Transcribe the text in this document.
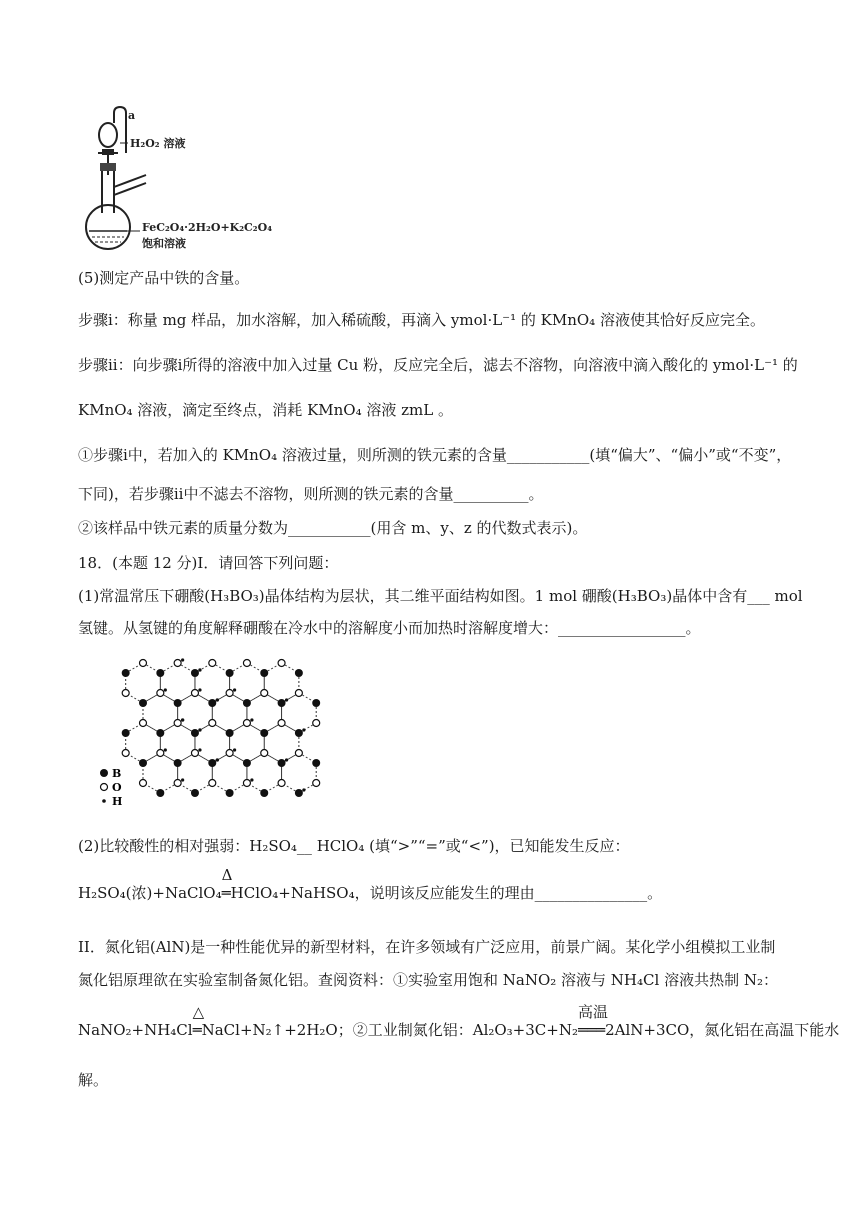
a
H₂O₂ 溶液
FeC₂O₄·2H₂O+K₂C₂O₄
饱和溶液
(5)测定产品中铁的含量。
步骤i：称量 mg 样品，加水溶解，加入稀硫酸，再滴入 ymol·L⁻¹ 的 KMnO₄ 溶液使其恰好反应完全。
步骤ii：向步骤i所得的溶液中加入过量 Cu 粉，反应完全后，滤去不溶物，向溶液中滴入酸化的 ymol·L⁻¹ 的
KMnO₄ 溶液，滴定至终点，消耗 KMnO₄ 溶液 zmL 。
①步骤i中，若加入的 KMnO₄ 溶液过量，则所测的铁元素的含量___________(填“偏大”、“偏小”或“不变”，
下同)，若步骤ii中不滤去不溶物，则所测的铁元素的含量__________。
②该样品中铁元素的质量分数为___________(用含 m、y、z 的代数式表示)。
18．(本题 12 分)I．请回答下列问题：
(1)常温常压下硼酸(H₃BO₃)晶体结构为层状，其二维平面结构如图。1 mol 硼酸(H₃BO₃)晶体中含有___ mol
氢键。从氢键的角度解释硼酸在冷水中的溶解度小而加热时溶解度增大：_________________。
B
O
H
(2)比较酸性的相对强弱：H₂SO₄__ HClO₄ (填“>”“=”或“<”)，已知能发生反应：
H₂SO₄(浓)+NaClO₄
Δ
═HClO₄+NaHSO₄，说明该反应能发生的理由_______________。
II．氮化铝(AlN)是一种性能优异的新型材料，在许多领域有广泛应用，前景广阔。某化学小组模拟工业制
氮化铝原理欲在实验室制备氮化铝。查阅资料：①实验室用饱和 NaNO₂ 溶液与 NH₄Cl 溶液共热制 N₂：
NaNO₂+NH₄Cl
△
═NaCl+N₂↑+2H₂O；②工业制氮化铝：Al₂O₃+3C+N₂
高温
═══2AlN+3CO，氮化铝在高温下能水
解。
